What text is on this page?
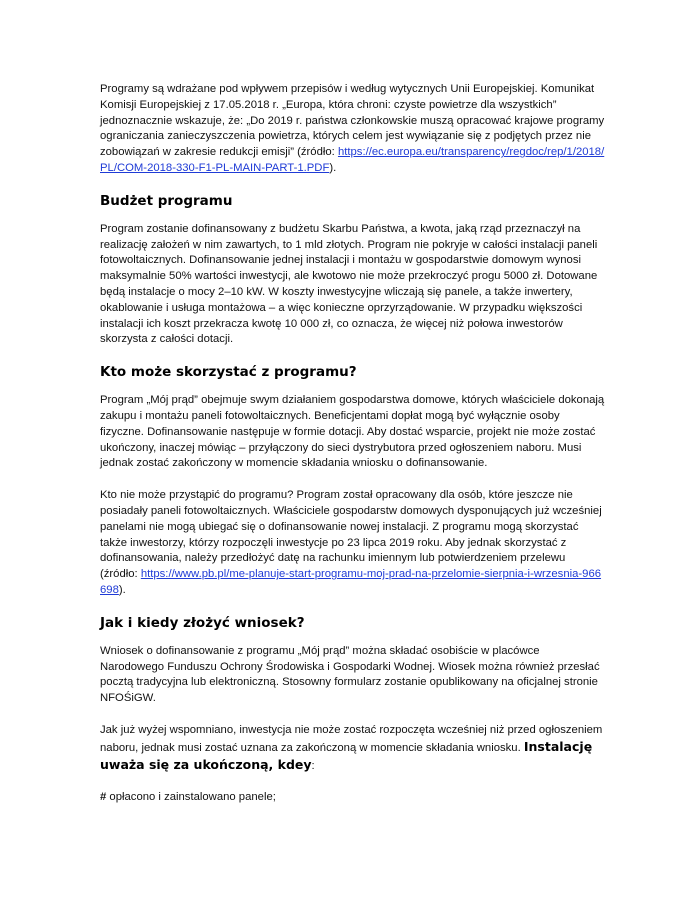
Programy są wdrażane pod wpływem przepisów i według wytycznych Unii Europejskiej. Komunikat Komisji Europejskiej z 17.05.2018 r. „Europa, która chroni: czyste powietrze dla wszystkich” jednoznacznie wskazuje, że: „Do 2019 r. państwa członkowskie muszą opracować krajowe programy ograniczania zanieczyszczenia powietrza, których celem jest wywiązanie się z podjętych przez nie zobowiązań w zakresie redukcji emisji” (źródło: https://ec.europa.eu/transparency/regdoc/rep/1/2018/PL/COM-2018-330-F1-PL-MAIN-PART-1.PDF).

Budżet programu

Program zostanie dofinansowany z budżetu Skarbu Państwa, a kwota, jaką rząd przeznaczył na realizację założeń w nim zawartych, to 1 mld złotych. Program nie pokryje w całości instalacji paneli fotowoltaicznych. Dofinansowanie jednej instalacji i montażu w gospodarstwie domowym wynosi maksymalnie 50% wartości inwestycji, ale kwotowo nie może przekroczyć progu 5000 zł. Dotowane będą instalacje o mocy 2–10 kW. W koszty inwestycyjne wliczają się panele, a także inwertery, okablowanie i usługa montażowa – a więc konieczne oprzyrządowanie. W przypadku większości instalacji ich koszt przekracza kwotę 10 000 zł, co oznacza, że więcej niż połowa inwestorów skorzysta z całości dotacji.

Kto może skorzystać z programu?

Program „Mój prąd” obejmuje swym działaniem gospodarstwa domowe, których właściciele dokonają zakupu i montażu paneli fotowoltaicznych. Beneficjentami dopłat mogą być wyłącznie osoby fizyczne. Dofinansowanie następuje w formie dotacji. Aby dostać wsparcie, projekt nie może zostać ukończony, inaczej mówiąc – przyłączony do sieci dystrybutora przed ogłoszeniem naboru. Musi jednak zostać zakończony w momencie składania wniosku o dofinansowanie.

Kto nie może przystąpić do programu? Program został opracowany dla osób, które jeszcze nie posiadały paneli fotowoltaicznych. Właściciele gospodarstw domowych dysponujących już wcześniej panelami nie mogą ubiegać się o dofinansowanie nowej instalacji. Z programu mogą skorzystać także inwestorzy, którzy rozpoczęli inwestycje po 23 lipca 2019 roku. Aby jednak skorzystać z dofinansowania, należy przedłożyć datę na rachunku imiennym lub potwierdzeniem przelewu (źródło: https://www.pb.pl/me-planuje-start-programu-moj-prad-na-przelomie-sierpnia-i-wrzesnia-966698).

Jak i kiedy złożyć wniosek?

Wniosek o dofinansowanie z programu „Mój prąd” można składać osobiście w placówce Narodowego Funduszu Ochrony Środowiska i Gospodarki Wodnej. Wiosek można również przesłać pocztą tradycyjna lub elektroniczną. Stosowny formularz zostanie opublikowany na oficjalnej stronie NFOŚiGW.

Jak już wyżej wspomniano, inwestycja nie może zostać rozpoczęta wcześniej niż przed ogłoszeniem naboru, jednak musi zostać uznana za zakończoną w momencie składania wniosku. Instalację uważa się za ukończoną, kdey:

# opłacono i zainstalowano panele;
